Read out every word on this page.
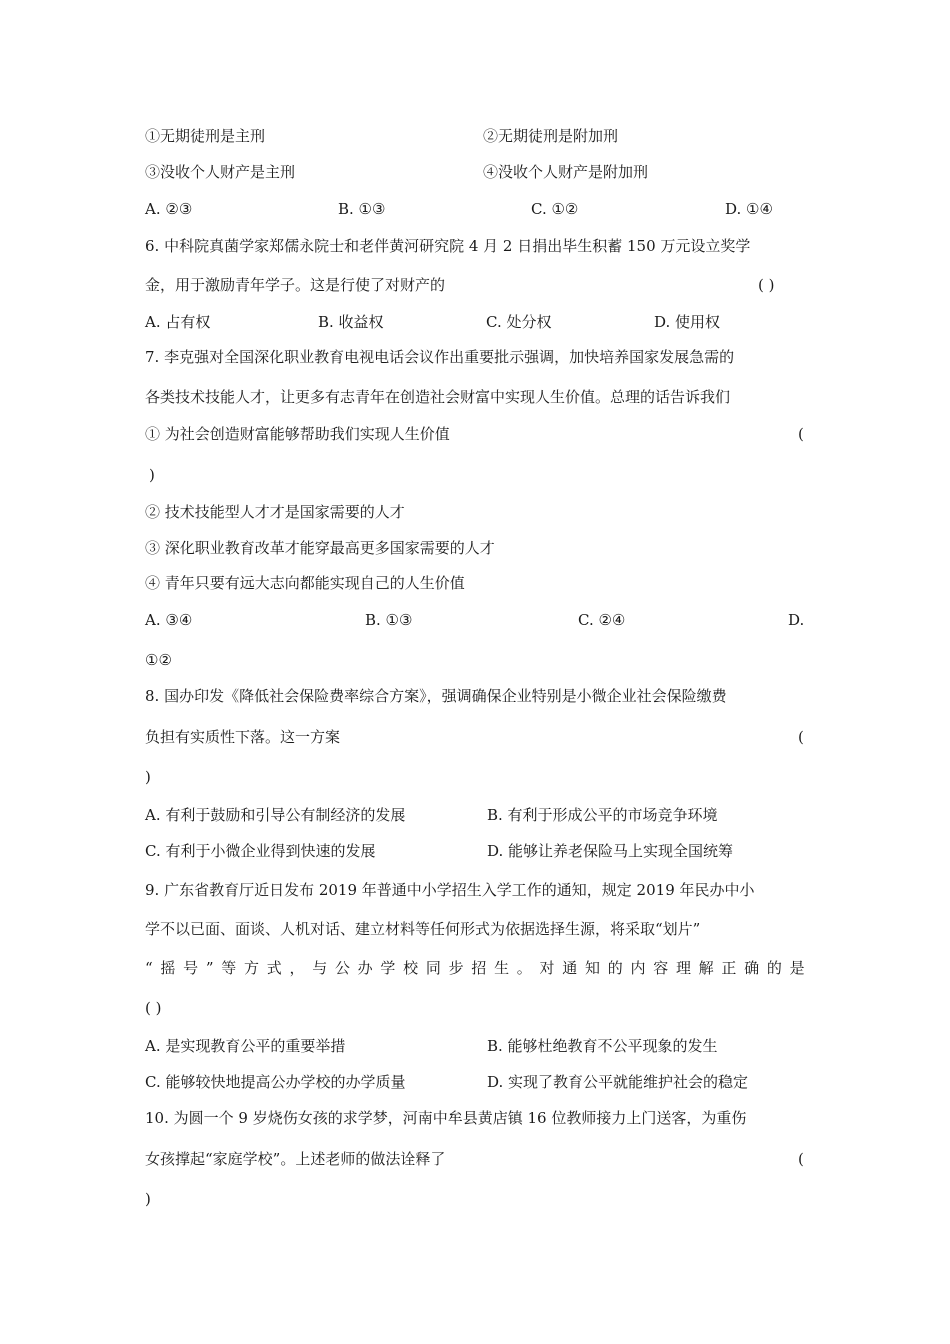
①无期徒刑是主刑	②无期徒刑是附加刑
③没收个人财产是主刑	④没收个人财产是附加刑
A. ②③	B. ①③	C. ①②	D. ①④
6. 中科院真菌学家郑儒永院士和老伴黄河研究院 4 月 2 日捐出毕生积蓄 150 万元设立奖学
金，用于激励青年学子。这是行使了对财产的	( )
A. 占有权	B. 收益权	C. 处分权	D. 使用权
7. 李克强对全国深化职业教育电视电话会议作出重要批示强调，加快培养国家发展急需的
各类技术技能人才，让更多有志青年在创造社会财富中实现人生价值。总理的话告诉我们
① 为社会创造财富能够帮助我们实现人生价值	(
)
② 技术技能型人才才是国家需要的人才
③ 深化职业教育改革才能穿最高更多国家需要的人才
④ 青年只要有远大志向都能实现自己的人生价值
A. ③④	B. ①③	C. ②④	D.
①②
8. 国办印发《降低社会保险费率综合方案》，强调确保企业特别是小微企业社会保险缴费
负担有实质性下落。这一方案	(
)
A. 有利于鼓励和引导公有制经济的发展	B. 有利于形成公平的市场竞争环境
C. 有利于小微企业得到快速的发展	D. 能够让养老保险马上实现全国统筹
9. 广东省教育厅近日发布 2019 年普通中小学招生入学工作的通知，规定 2019 年民办中小
学不以已面、面谈、人机对话、建立材料等任何形式为依据选择生源，将采取“划片”
“ 摇 号 ” 等 方 式 ， 与 公 办 学 校 同 步 招 生 。 对 通 知 的 内 容 理 解 正 确 的 是
( )
A. 是实现教育公平的重要举措	B. 能够杜绝教育不公平现象的发生
C. 能够较快地提高公办学校的办学质量	D. 实现了教育公平就能维护社会的稳定
10. 为圆一个 9 岁烧伤女孩的求学梦，河南中牟县黄店镇 16 位教师接力上门送客，为重伤
女孩撑起“家庭学校”。上述老师的做法诠释了	(
)
